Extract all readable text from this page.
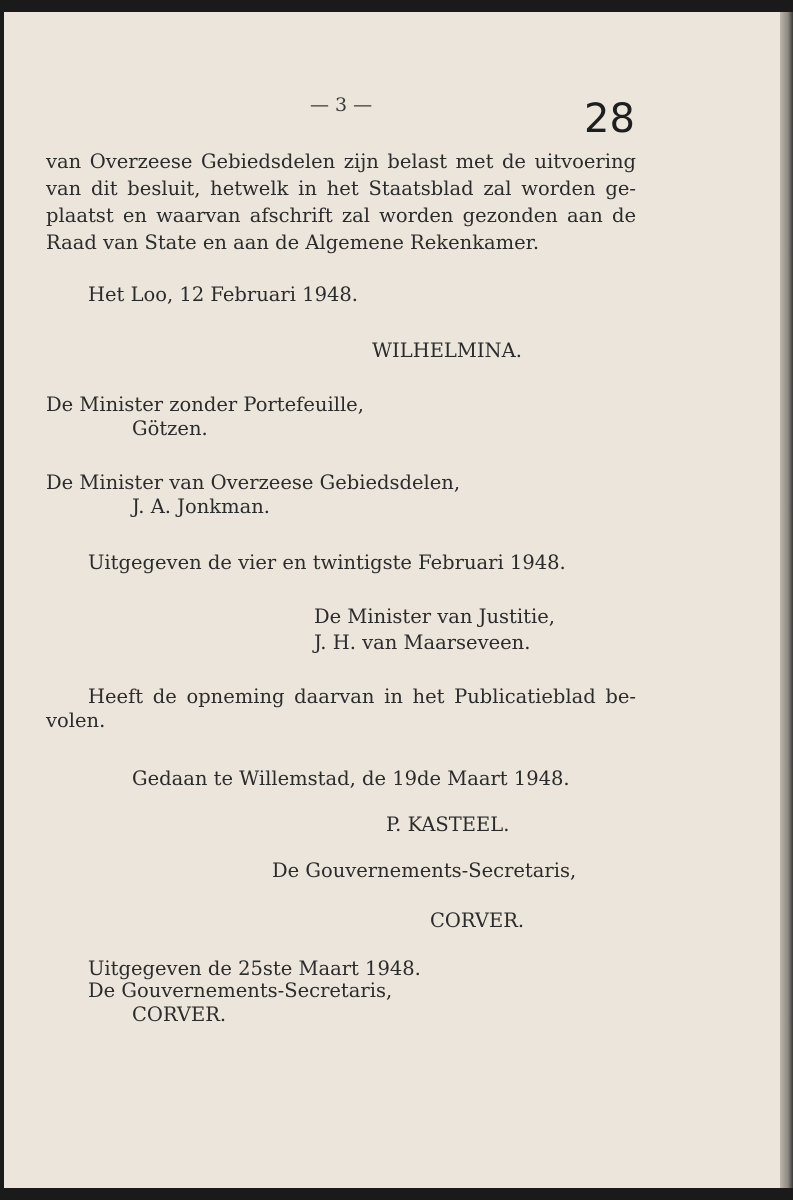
— 3 —	28
van Overzeese Gebiedsdelen zijn belast met de uitvoering
van dit besluit, hetwelk in het Staatsblad zal worden ge-
plaatst en waarvan afschrift zal worden gezonden aan de
Raad van State en aan de Algemene Rekenkamer.
Het Loo, 12 Februari 1948.
WILHELMINA.
De Minister zonder Portefeuille,
Götzen.
De Minister van Overzeese Gebiedsdelen,
J. A. Jonkman.
Uitgegeven de vier en twintigste Februari 1948.
De Minister van Justitie,
J. H. van Maarseveen.
Heeft de opneming daarvan in het Publicatieblad be-
volen.
Gedaan te Willemstad, de 19de Maart 1948.
P. KASTEEL.
De Gouvernements-Secretaris,
CORVER.
Uitgegeven de 25ste Maart 1948.
De Gouvernements-Secretaris,
CORVER.
